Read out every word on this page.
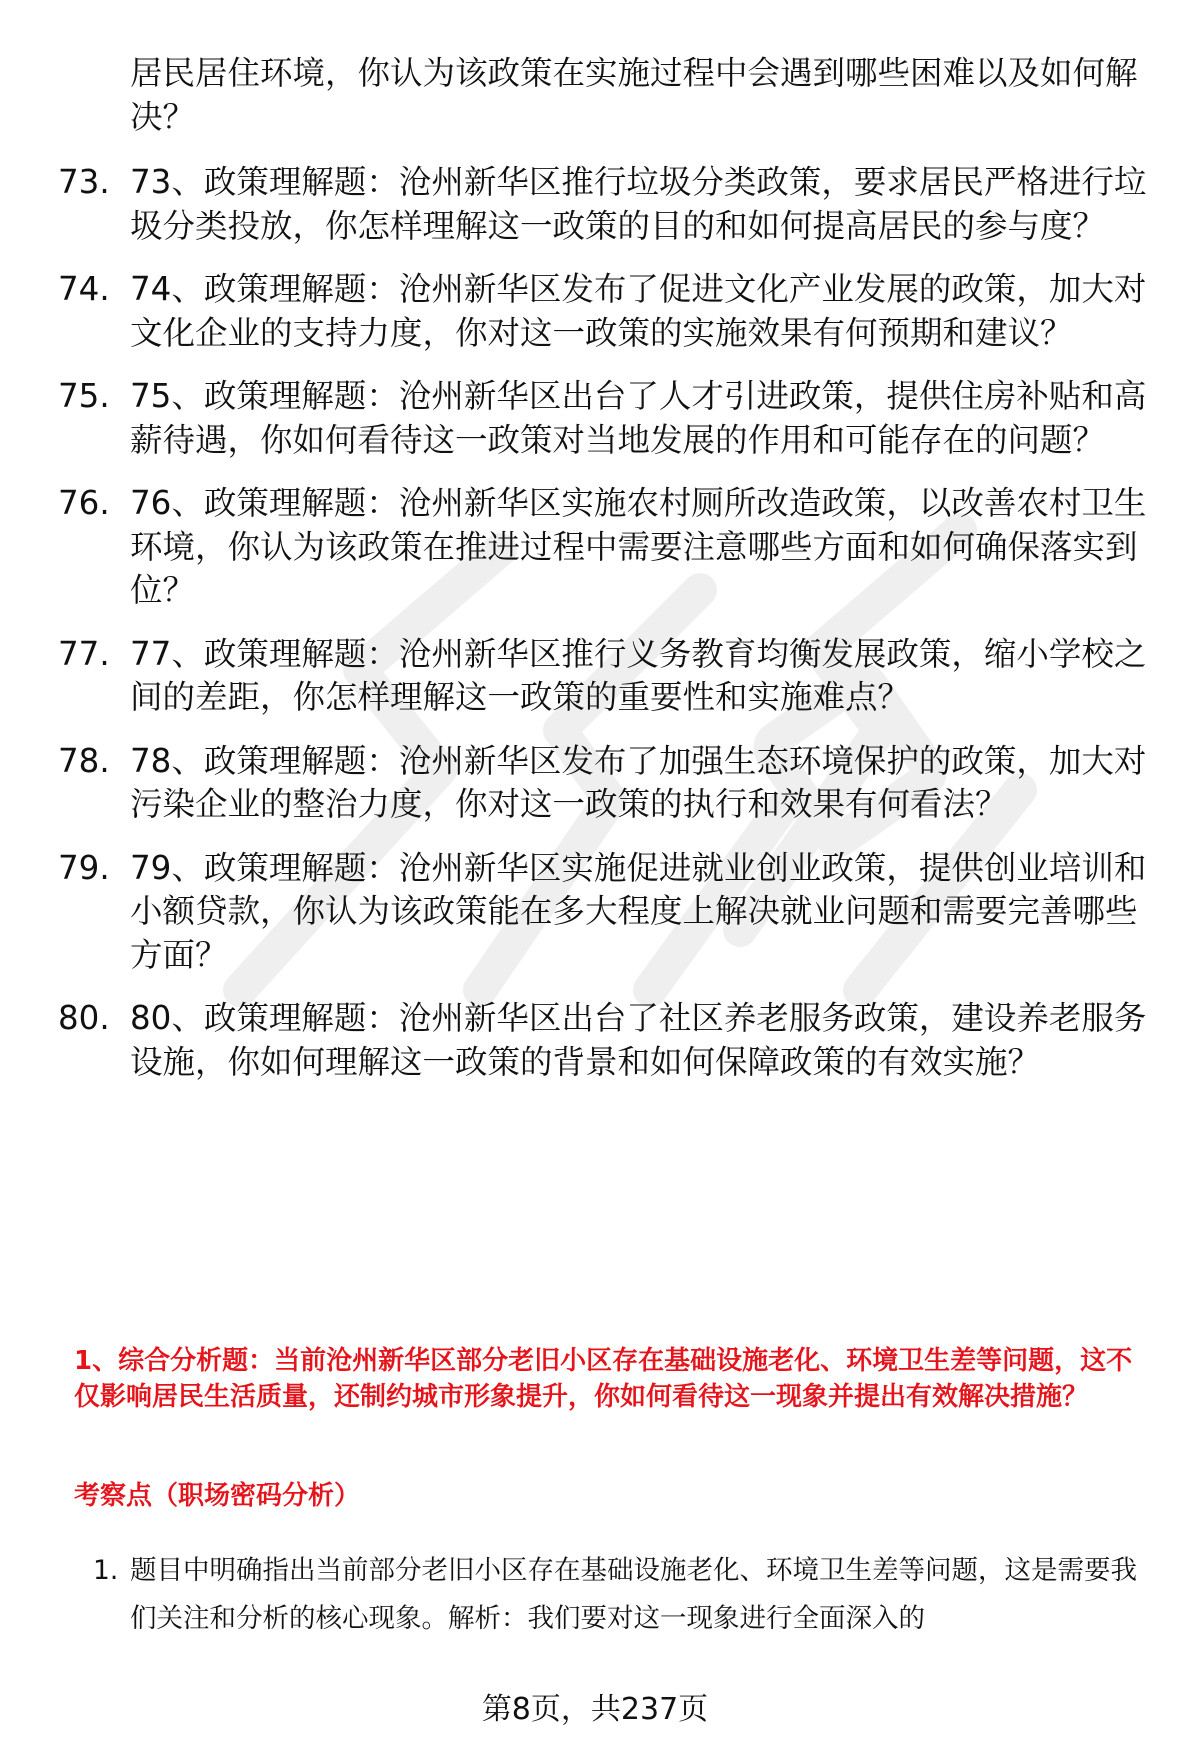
居民居住环境，你认为该政策在实施过程中会遇到哪些困难以及如何解决？
73. 73、政策理解题：沧州新华区推行垃圾分类政策，要求居民严格进行垃圾分类投放，你怎样理解这一政策的目的和如何提高居民的参与度？
74. 74、政策理解题：沧州新华区发布了促进文化产业发展的政策，加大对文化企业的支持力度，你对这一政策的实施效果有何预期和建议？
75. 75、政策理解题：沧州新华区出台了人才引进政策，提供住房补贴和高薪待遇，你如何看待这一政策对当地发展的作用和可能存在的问题？
76. 76、政策理解题：沧州新华区实施农村厕所改造政策，以改善农村卫生环境，你认为该政策在推进过程中需要注意哪些方面和如何确保落实到位？
77. 77、政策理解题：沧州新华区推行义务教育均衡发展政策，缩小学校之间的差距，你怎样理解这一政策的重要性和实施难点？
78. 78、政策理解题：沧州新华区发布了加强生态环境保护的政策，加大对污染企业的整治力度，你对这一政策的执行和效果有何看法？
79. 79、政策理解题：沧州新华区实施促进就业创业政策，提供创业培训和小额贷款，你认为该政策能在多大程度上解决就业问题和需要完善哪些方面？
80. 80、政策理解题：沧州新华区出台了社区养老服务政策，建设养老服务设施，你如何理解这一政策的背景和如何保障政策的有效实施？
1、综合分析题：当前沧州新华区部分老旧小区存在基础设施老化、环境卫生差等问题，这不仅影响居民生活质量，还制约城市形象提升，你如何看待这一现象并提出有效解决措施？
考察点（职场密码分析）
1. 题目中明确指出当前部分老旧小区存在基础设施老化、环境卫生差等问题，这是需要我们关注和分析的核心现象。解析：我们要对这一现象进行全面深入的
第8页，共237页
